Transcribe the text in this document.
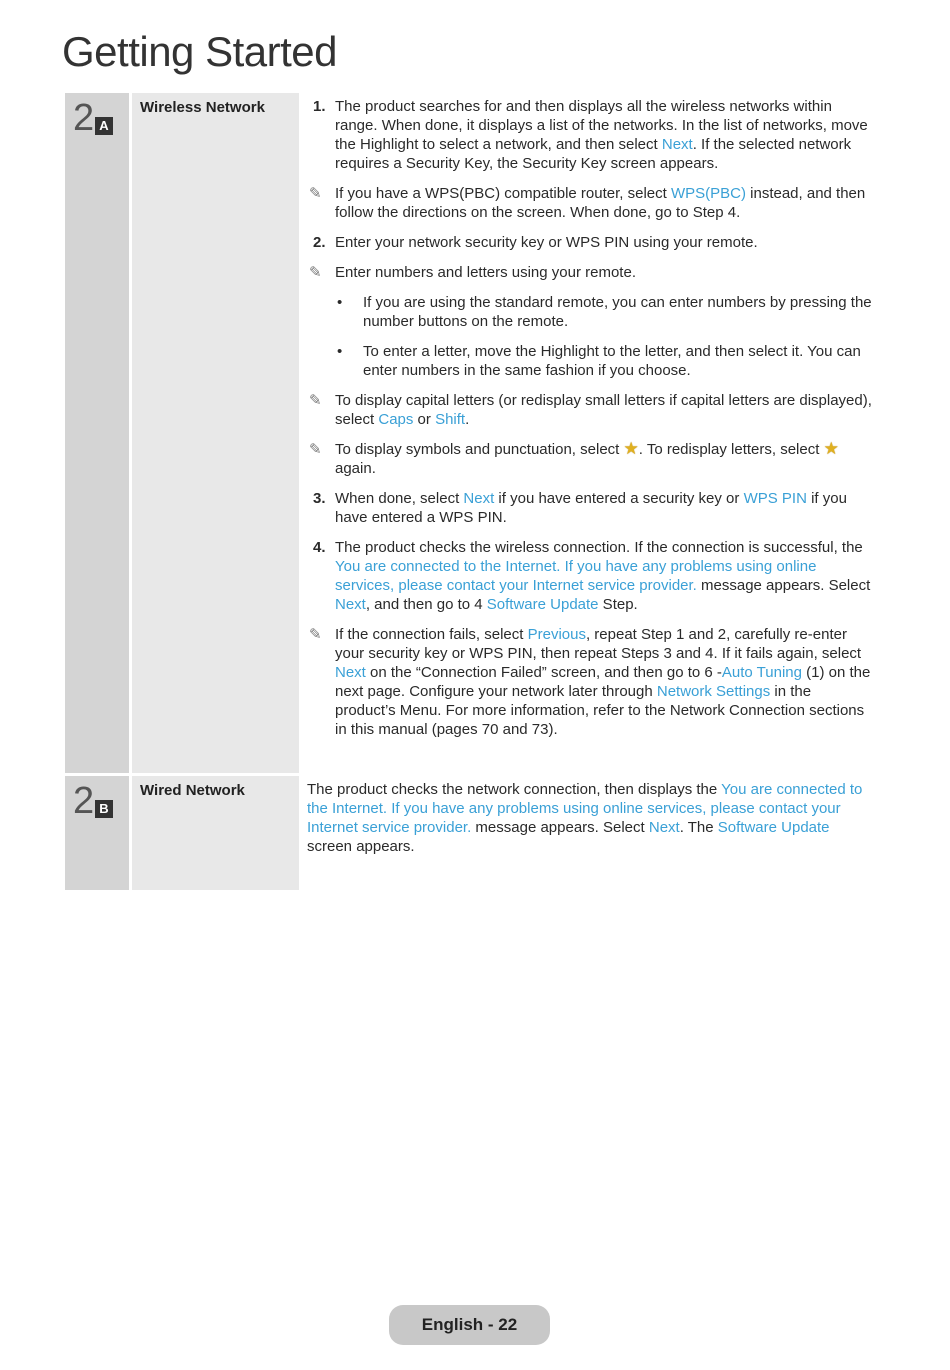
Getting Started
2 A
Wireless Network	1. The product searches for and then displays all the wireless networks within range. When done, it displays a list of the networks. In the list of networks, move the Highlight to select a network, and then select Next. If the selected network requires a Security Key, the Security Key screen appears.
✎ If you have a WPS(PBC) compatible router, select WPS(PBC) instead, and then follow the directions on the screen. When done, go to Step 4.
2. Enter your network security key or WPS PIN using your remote.
✎ Enter numbers and letters using your remote.
• If you are using the standard remote, you can enter numbers by pressing the number buttons on the remote.
• To enter a letter, move the Highlight to the letter, and then select it. You can enter numbers in the same fashion if you choose.
✎ To display capital letters (or redisplay small letters if capital letters are displayed), select Caps or Shift.
✎ To display symbols and punctuation, select ★. To redisplay letters, select ★ again.
3. When done, select Next if you have entered a security key or WPS PIN if you have entered a WPS PIN.
4. The product checks the wireless connection. If the connection is successful, the You are connected to the Internet. If you have any problems using online services, please contact your Internet service provider. message appears. Select Next, and then go to 4 Software Update Step.
✎ If the connection fails, select Previous, repeat Step 1 and 2, carefully re-enter your security key or WPS PIN, then repeat Steps 3 and 4. If it fails again, select Next on the “Connection Failed” screen, and then go to 6 -Auto Tuning (1) on the next page. Configure your network later through Network Settings in the product’s Menu. For more information, refer to the Network Connection sections in this manual (pages 70 and 73).
2 B
Wired Network	The product checks the network connection, then displays the You are connected to the Internet. If you have any problems using online services, please contact your Internet service provider. message appears. Select Next. The Software Update screen appears.
English - 22
